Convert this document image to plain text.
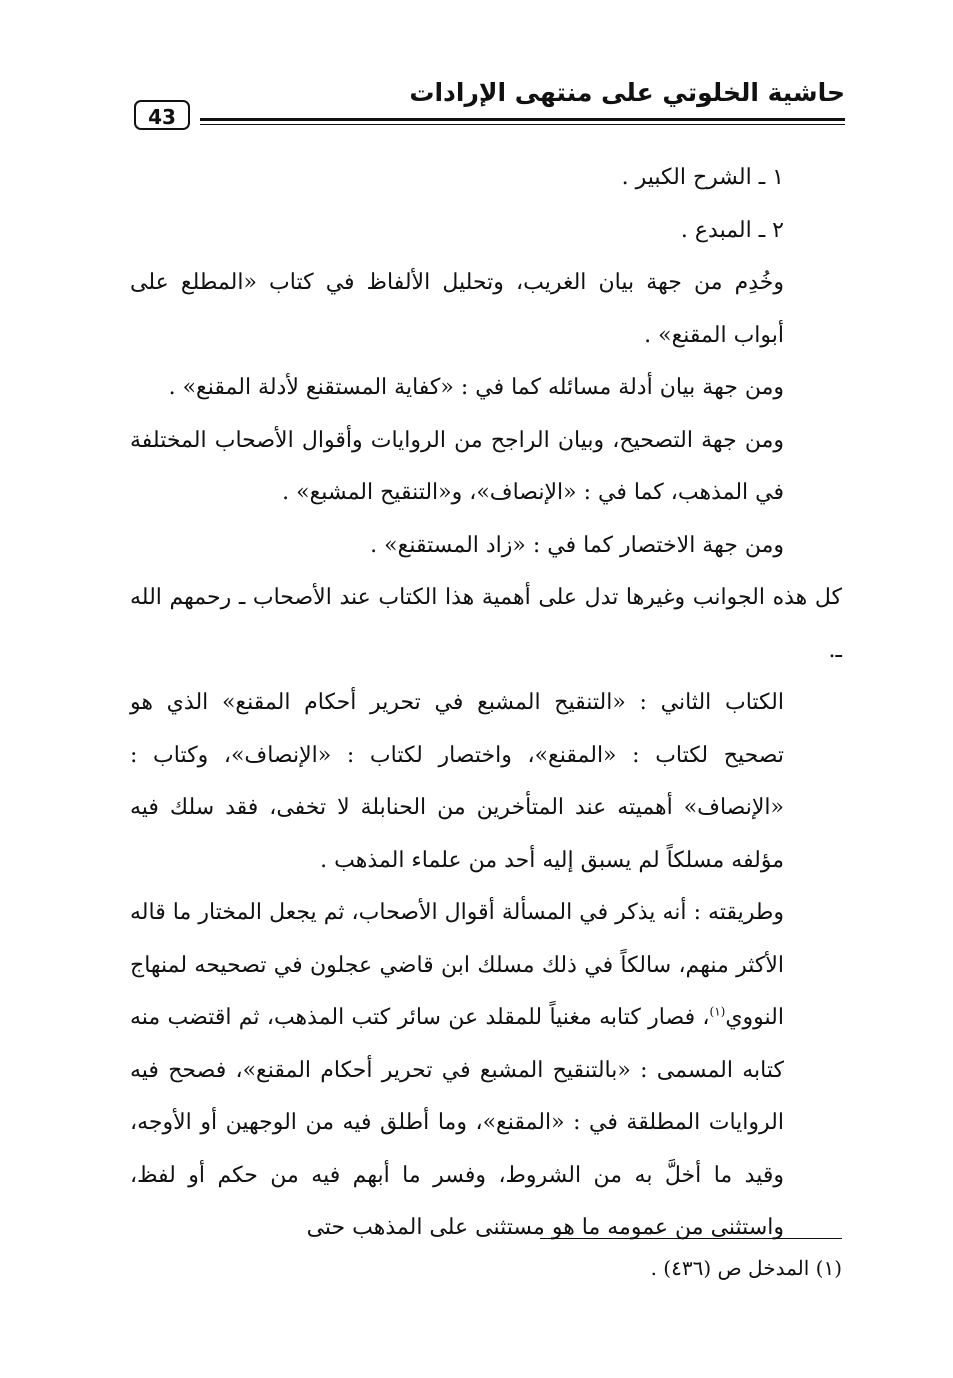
حاشية الخلوتي على منتهى الإرادات
43

١ ـ الشرح الكبير .

٢ ـ المبدع .

وخُدِم من جهة بيان الغريب، وتحليل الألفاظ في كتاب «المطلع على أبواب المقنع» .

ومن جهة بيان أدلة مسائله كما في : «كفاية المستقنع لأدلة المقنع» .

ومن جهة التصحيح، وبيان الراجح من الروايات وأقوال الأصحاب المختلفة في المذهب، كما في : «الإنصاف»، و«التنقيح المشبع» .

ومن جهة الاختصار كما في : «زاد المستقنع» .

كل هذه الجوانب وغيرها تدل على أهمية هذا الكتاب عند الأصحاب ـ رحمهم الله ـ.

الكتاب الثاني : «التنقيح المشبع في تحرير أحكام المقنع» الذي هو تصحيح لكتاب : «المقنع»، واختصار لكتاب : «الإنصاف»، وكتاب : «الإنصاف» أهميته عند المتأخرين من الحنابلة لا تخفى، فقد سلك فيه مؤلفه مسلكاً لم يسبق إليه أحد من علماء المذهب .

وطريقته : أنه يذكر في المسألة أقوال الأصحاب، ثم يجعل المختار ما قاله الأكثر منهم، سالكاً في ذلك مسلك ابن قاضي عجلون في تصحيحه لمنهاج النووي$^{(١)}$، فصار كتابه مغنياً للمقلد عن سائر كتب المذهب، ثم اقتضب منه كتابه المسمى : «بالتنقيح المشبع في تحرير أحكام المقنع»، فصحح فيه الروايات المطلقة في : «المقنع»، وما أطلق فيه من الوجهين أو الأوجه، وقيد ما أخلَّ به من الشروط، وفسر ما أبهم فيه من حكم أو لفظ، واستثنى من عمومه ما هو مستثنى على المذهب حتى

(١) المدخل ص (٤٣٦) .
